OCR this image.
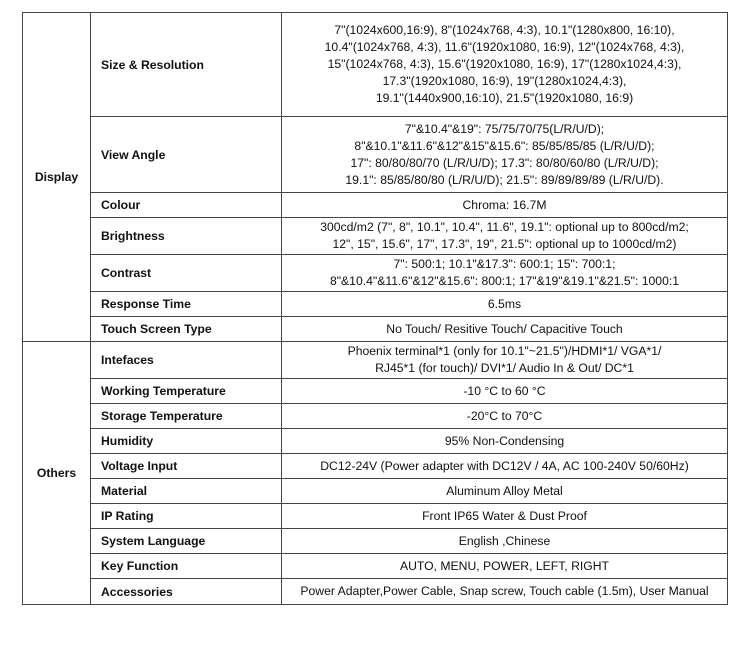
Display	Size & Resolution	7"(1024x600,16:9), 8"(1024x768, 4:3), 10.1"(1280x800, 16:10),
10.4"(1024x768, 4:3), 11.6"(1920x1080, 16:9), 12"(1024x768, 4:3),
15"(1024x768, 4:3), 15.6"(1920x1080, 16:9), 17"(1280x1024,4:3),
17.3"(1920x1080, 16:9), 19"(1280x1024,4:3),
19.1"(1440x900,16:10), 21.5"(1920x1080, 16:9)

	View Angle	7"&10.4"&19": 75/75/70/75(L/R/U/D);
8"&10.1"&11.6"&12"&15"&15.6": 85/85/85/85 (L/R/U/D);
17": 80/80/80/70 (L/R/U/D); 17.3": 80/80/60/80 (L/R/U/D);
19.1": 85/85/80/80 (L/R/U/D); 21.5": 89/89/89/89 (L/R/U/D).

	Colour	Chroma: 16.7M

	Brightness	300cd/m2 (7", 8", 10.1", 10.4", 11.6", 19.1": optional up to 800cd/m2;
12", 15", 15.6", 17", 17.3", 19", 21.5": optional up to 1000cd/m2)

	Contrast	7": 500:1; 10.1"&17.3": 600:1; 15": 700:1;
8"&10.4"&11.6"&12"&15.6": 800:1; 17"&19"&19.1"&21.5": 1000:1

	Response Time	6.5ms

	Touch Screen Type	No Touch/ Resitive Touch/ Capacitive Touch

Others	Intefaces	Phoenix terminal*1 (only for 10.1"~21.5")/HDMI*1/ VGA*1/
RJ45*1 (for touch)/ DVI*1/ Audio In & Out/ DC*1

	Working Temperature	-10 °C to 60 °C

	Storage Temperature	-20°C to 70°C

	Humidity	95% Non-Condensing

	Voltage Input	DC12-24V (Power adapter with DC12V / 4A, AC 100-240V 50/60Hz)

	Material	Aluminum Alloy Metal

	IP Rating	Front IP65 Water & Dust Proof

	System Language	English ,Chinese

	Key Function	AUTO, MENU, POWER, LEFT, RIGHT

	Accessories	Power Adapter,Power Cable, Snap screw, Touch cable (1.5m), User Manual
